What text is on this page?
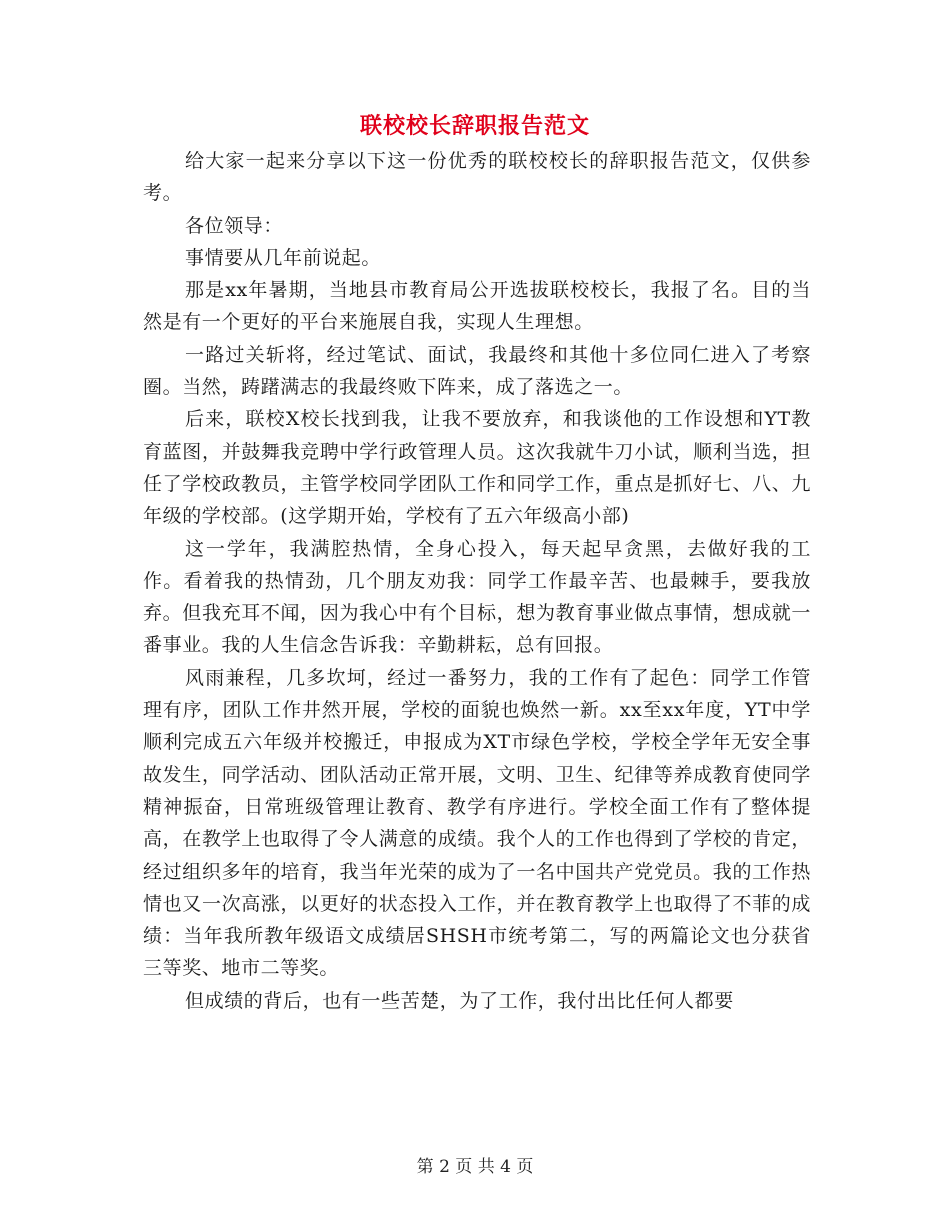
联校校长辞职报告范文

给大家一起来分享以下这一份优秀的联校校长的辞职报告范文，仅供参考。

各位领导：

事情要从几年前说起。

那是xx年暑期，当地县市教育局公开选拔联校校长，我报了名。目的当然是有一个更好的平台来施展自我，实现人生理想。

一路过关斩将，经过笔试、面试，我最终和其他十多位同仁进入了考察圈。当然，踌躇满志的我最终败下阵来，成了落选之一。

后来，联校X校长找到我，让我不要放弃，和我谈他的工作设想和YT教育蓝图，并鼓舞我竞聘中学行政管理人员。这次我就牛刀小试，顺利当选，担任了学校政教员，主管学校同学团队工作和同学工作，重点是抓好七、八、九年级的学校部。(这学期开始，学校有了五六年级高小部)

这一学年，我满腔热情，全身心投入，每天起早贪黑，去做好我的工作。看着我的热情劲，几个朋友劝我：同学工作最辛苦、也最棘手，要我放弃。但我充耳不闻，因为我心中有个目标，想为教育事业做点事情，想成就一番事业。我的人生信念告诉我：辛勤耕耘，总有回报。

风雨兼程，几多坎坷，经过一番努力，我的工作有了起色：同学工作管理有序，团队工作井然开展，学校的面貌也焕然一新。xx至xx年度，YT中学顺利完成五六年级并校搬迁，申报成为XT市绿色学校，学校全学年无安全事故发生，同学活动、团队活动正常开展，文明、卫生、纪律等养成教育使同学精神振奋，日常班级管理让教育、教学有序进行。学校全面工作有了整体提高，在教学上也取得了令人满意的成绩。我个人的工作也得到了学校的肯定，经过组织多年的培育，我当年光荣的成为了一名中国共产党党员。我的工作热情也又一次高涨，以更好的状态投入工作，并在教育教学上也取得了不菲的成绩：当年我所教年级语文成绩居SHSH市统考第二，写的两篇论文也分获省三等奖、地市二等奖。

但成绩的背后，也有一些苦楚，为了工作，我付出比任何人都要

第 2 页 共 4 页
